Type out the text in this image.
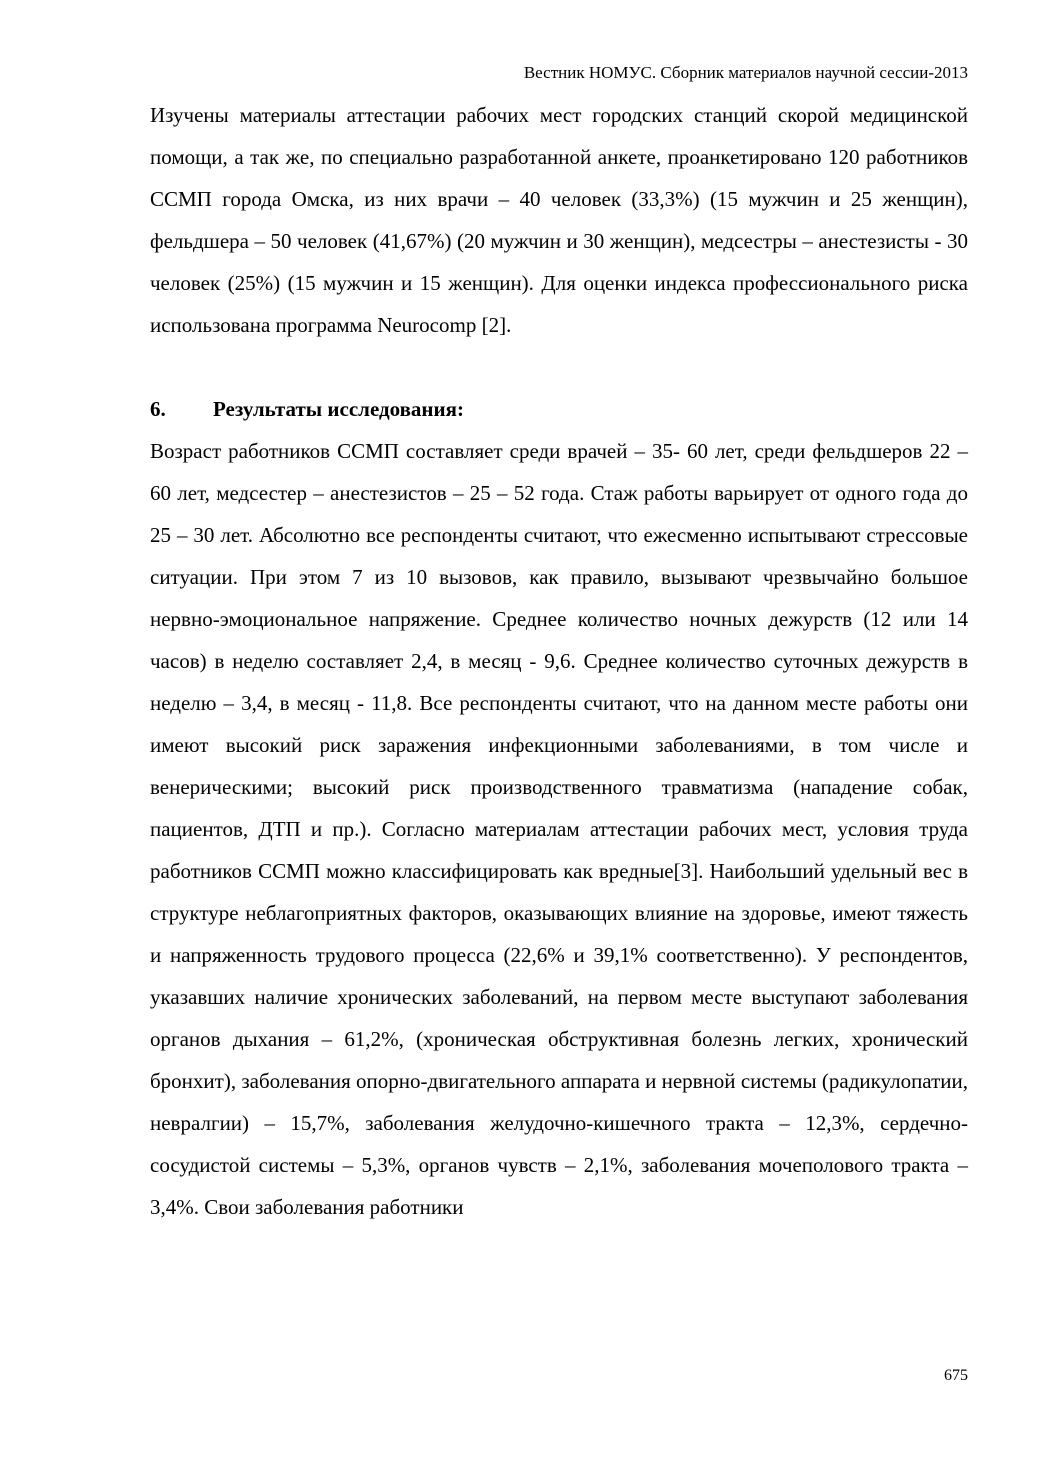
Вестник НОМУС. Сборник материалов научной сессии-2013

Изучены материалы аттестации рабочих мест городских станций скорой медицинской помощи, а так же, по специально разработанной анкете, проанкетировано 120 работников ССМП города Омска, из них врачи – 40 человек (33,3%) (15 мужчин и 25 женщин), фельдшера – 50 человек (41,67%) (20 мужчин и 30 женщин), медсестры – анестезисты - 30 человек (25%) (15 мужчин и 15 женщин). Для оценки индекса профессионального риска использована программа Neurocomp [2].

6. Результаты исследования:

Возраст работников ССМП составляет среди врачей – 35- 60 лет, среди фельдшеров 22 – 60 лет, медсестер – анестезистов – 25 – 52 года. Стаж работы варьирует от одного года до 25 – 30 лет. Абсолютно все респонденты считают, что ежесменно испытывают стрессовые ситуации. При этом 7 из 10 вызовов, как правило, вызывают чрезвычайно большое нервно-эмоциональное напряжение. Среднее количество ночных дежурств (12 или 14 часов) в неделю составляет 2,4, в месяц - 9,6. Среднее количество суточных дежурств в неделю – 3,4, в месяц - 11,8. Все респонденты считают, что на данном месте работы они имеют высокий риск заражения инфекционными заболеваниями, в том числе и венерическими; высокий риск производственного травматизма (нападение собак, пациентов, ДТП и пр.). Согласно материалам аттестации рабочих мест, условия труда работников ССМП можно классифицировать как вредные[3]. Наибольший удельный вес в структуре неблагоприятных факторов, оказывающих влияние на здоровье, имеют тяжесть и напряженность трудового процесса (22,6% и 39,1% соответственно). У респондентов, указавших наличие хронических заболеваний, на первом месте выступают заболевания органов дыхания – 61,2%, (хроническая обструктивная болезнь легких, хронический бронхит), заболевания опорно-двигательного аппарата и нервной системы (радикулопатии, невралгии) – 15,7%, заболевания желудочно-кишечного тракта – 12,3%, сердечно-сосудистой системы – 5,3%, органов чувств – 2,1%, заболевания мочеполового тракта – 3,4%. Свои заболевания работники

675
